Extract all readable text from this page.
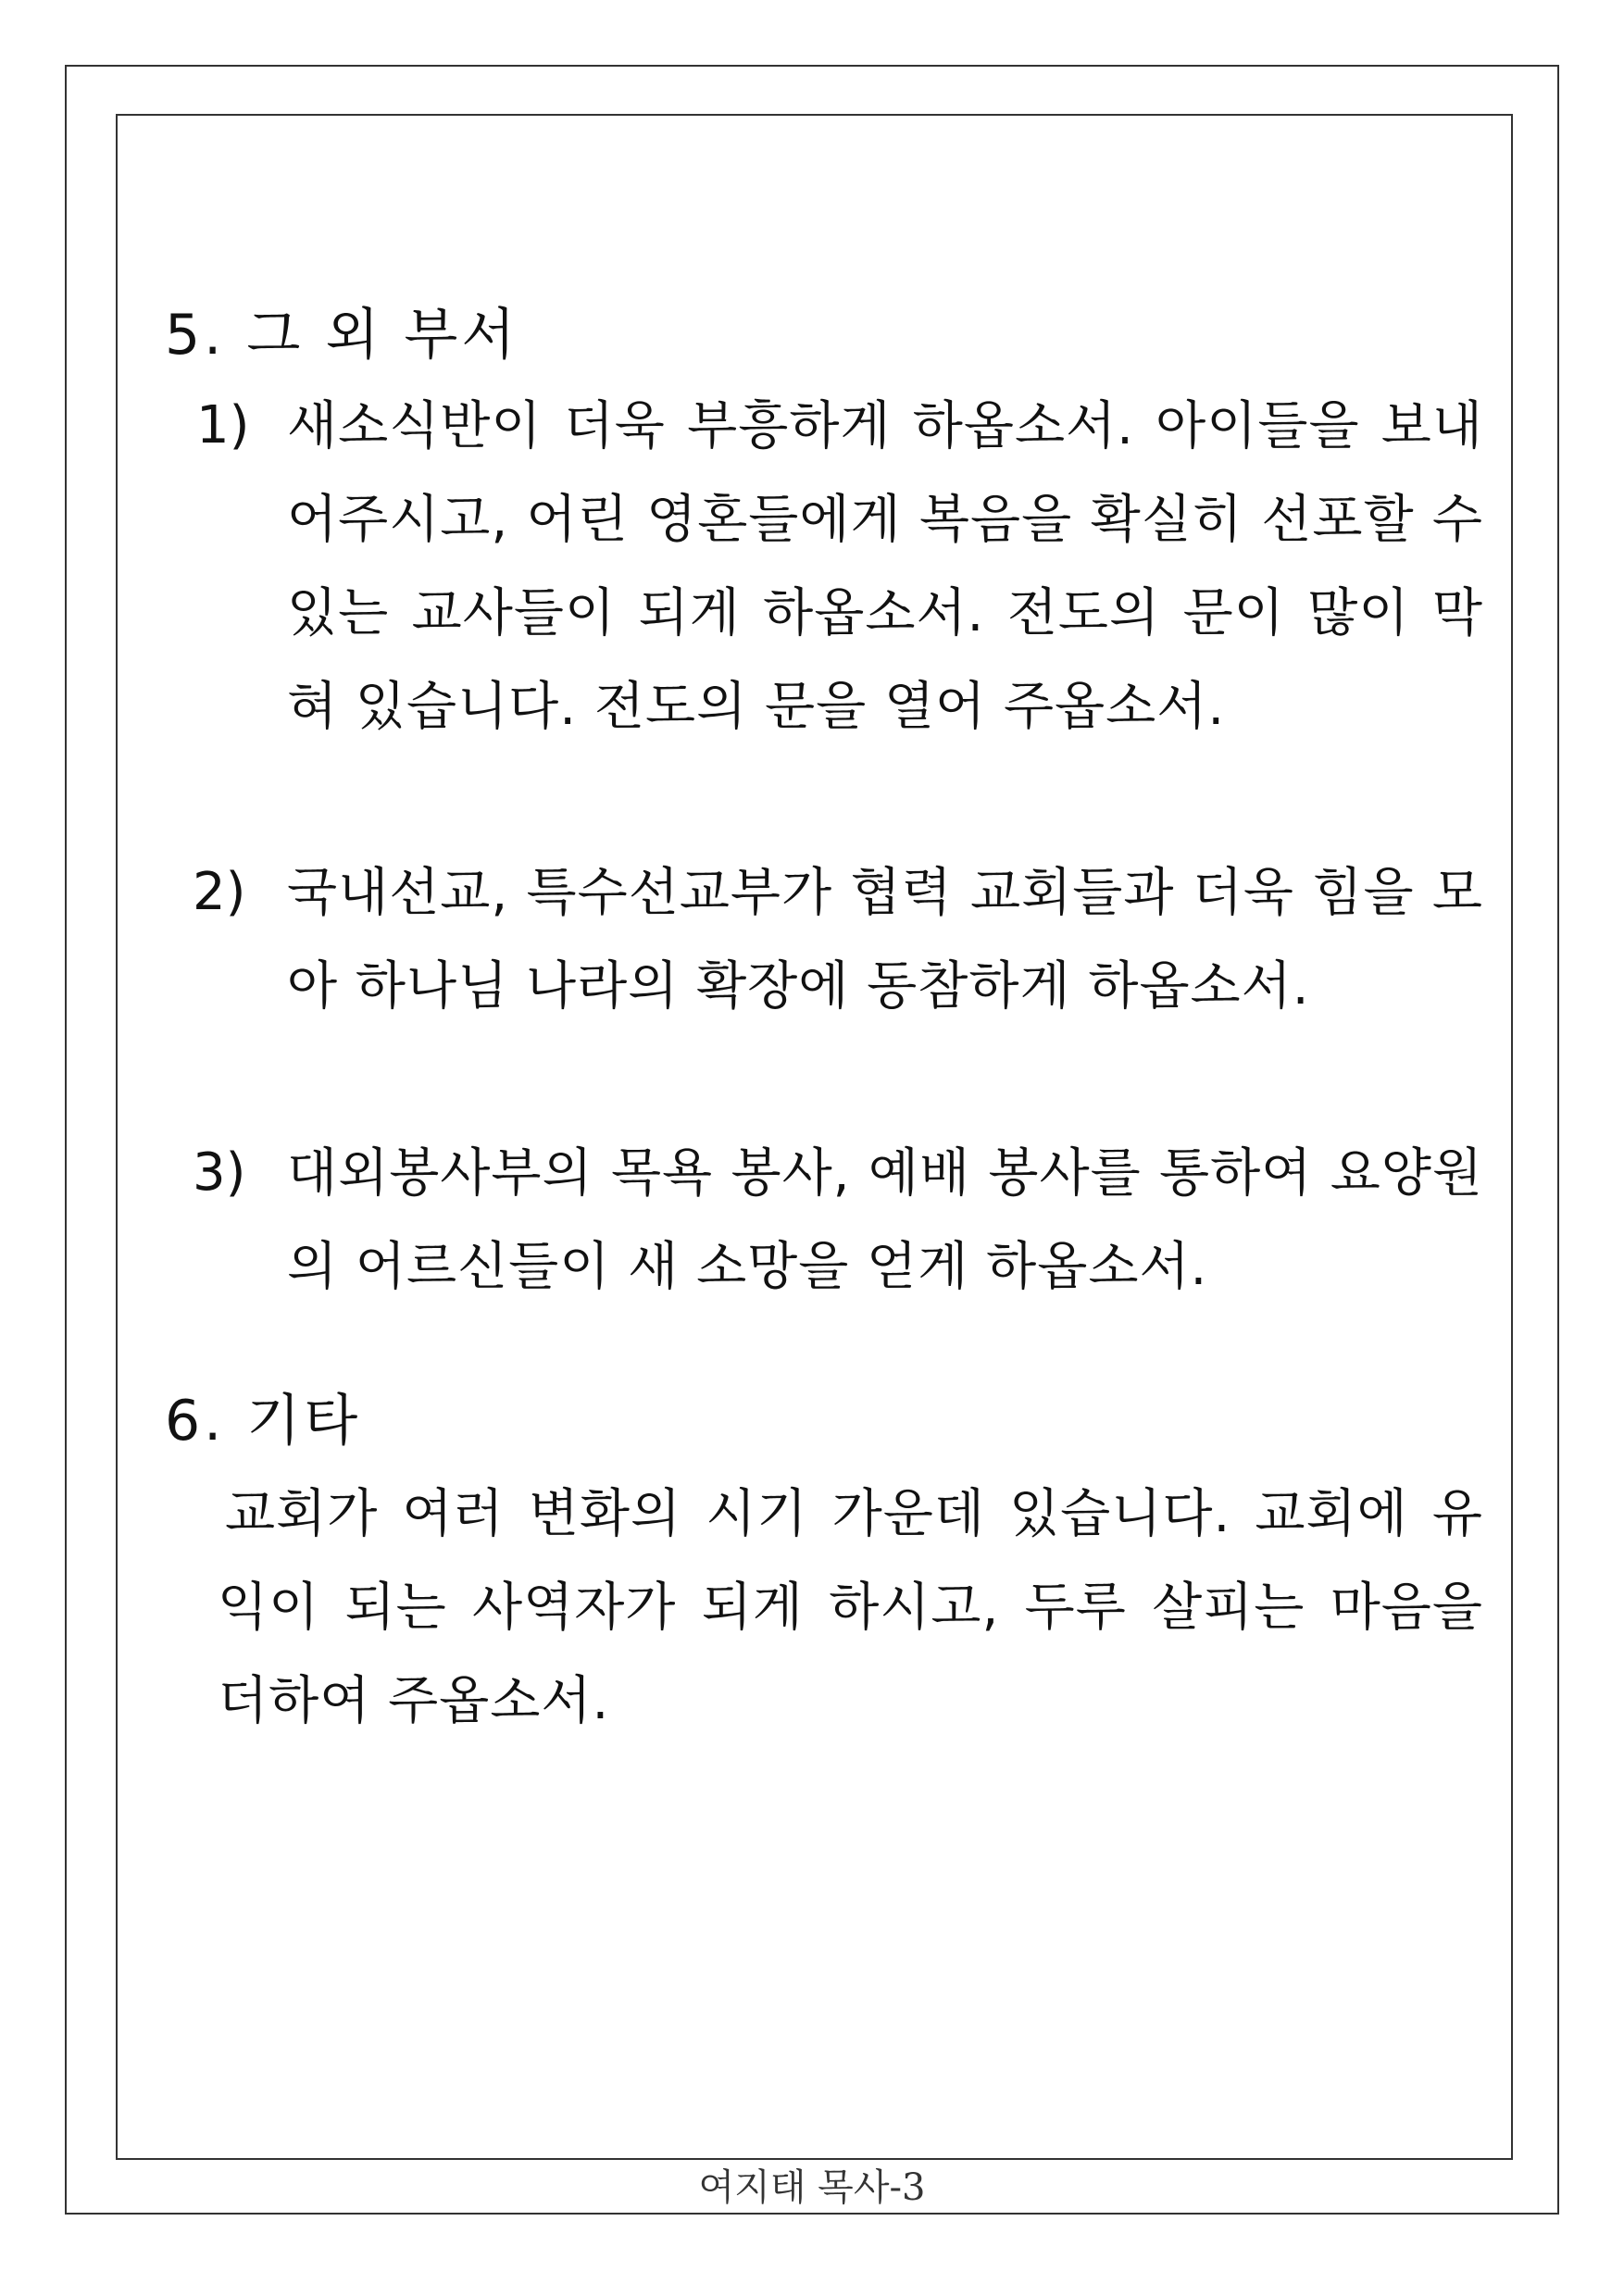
5. 그 외 부서
1) 새소식반이 더욱 부흥하게 하옵소서. 아이들을 보내어주시고, 어린 영혼들에게 복음을 확실히 선포할 수 있는 교사들이 되게 하옵소서. 전도의 문이 많이 막혀 있습니다. 전도의 문을 열어 주옵소서.
2) 국내선교, 특수선교부가 협력 교회들과 더욱 힘을 모아 하나님 나라의 확장에 동참하게 하옵소서.
3) 대외봉사부의 목욕 봉사, 예배 봉사를 통하여 요양원의 어르신들이 새 소망을 얻게 하옵소서.
6. 기타
교회가 여러 변화의 시기 가운데 있습니다. 교회에 유익이 되는 사역자가 되게 하시고, 두루 살피는 마음을 더하여 주옵소서.
여지태 목사-3
